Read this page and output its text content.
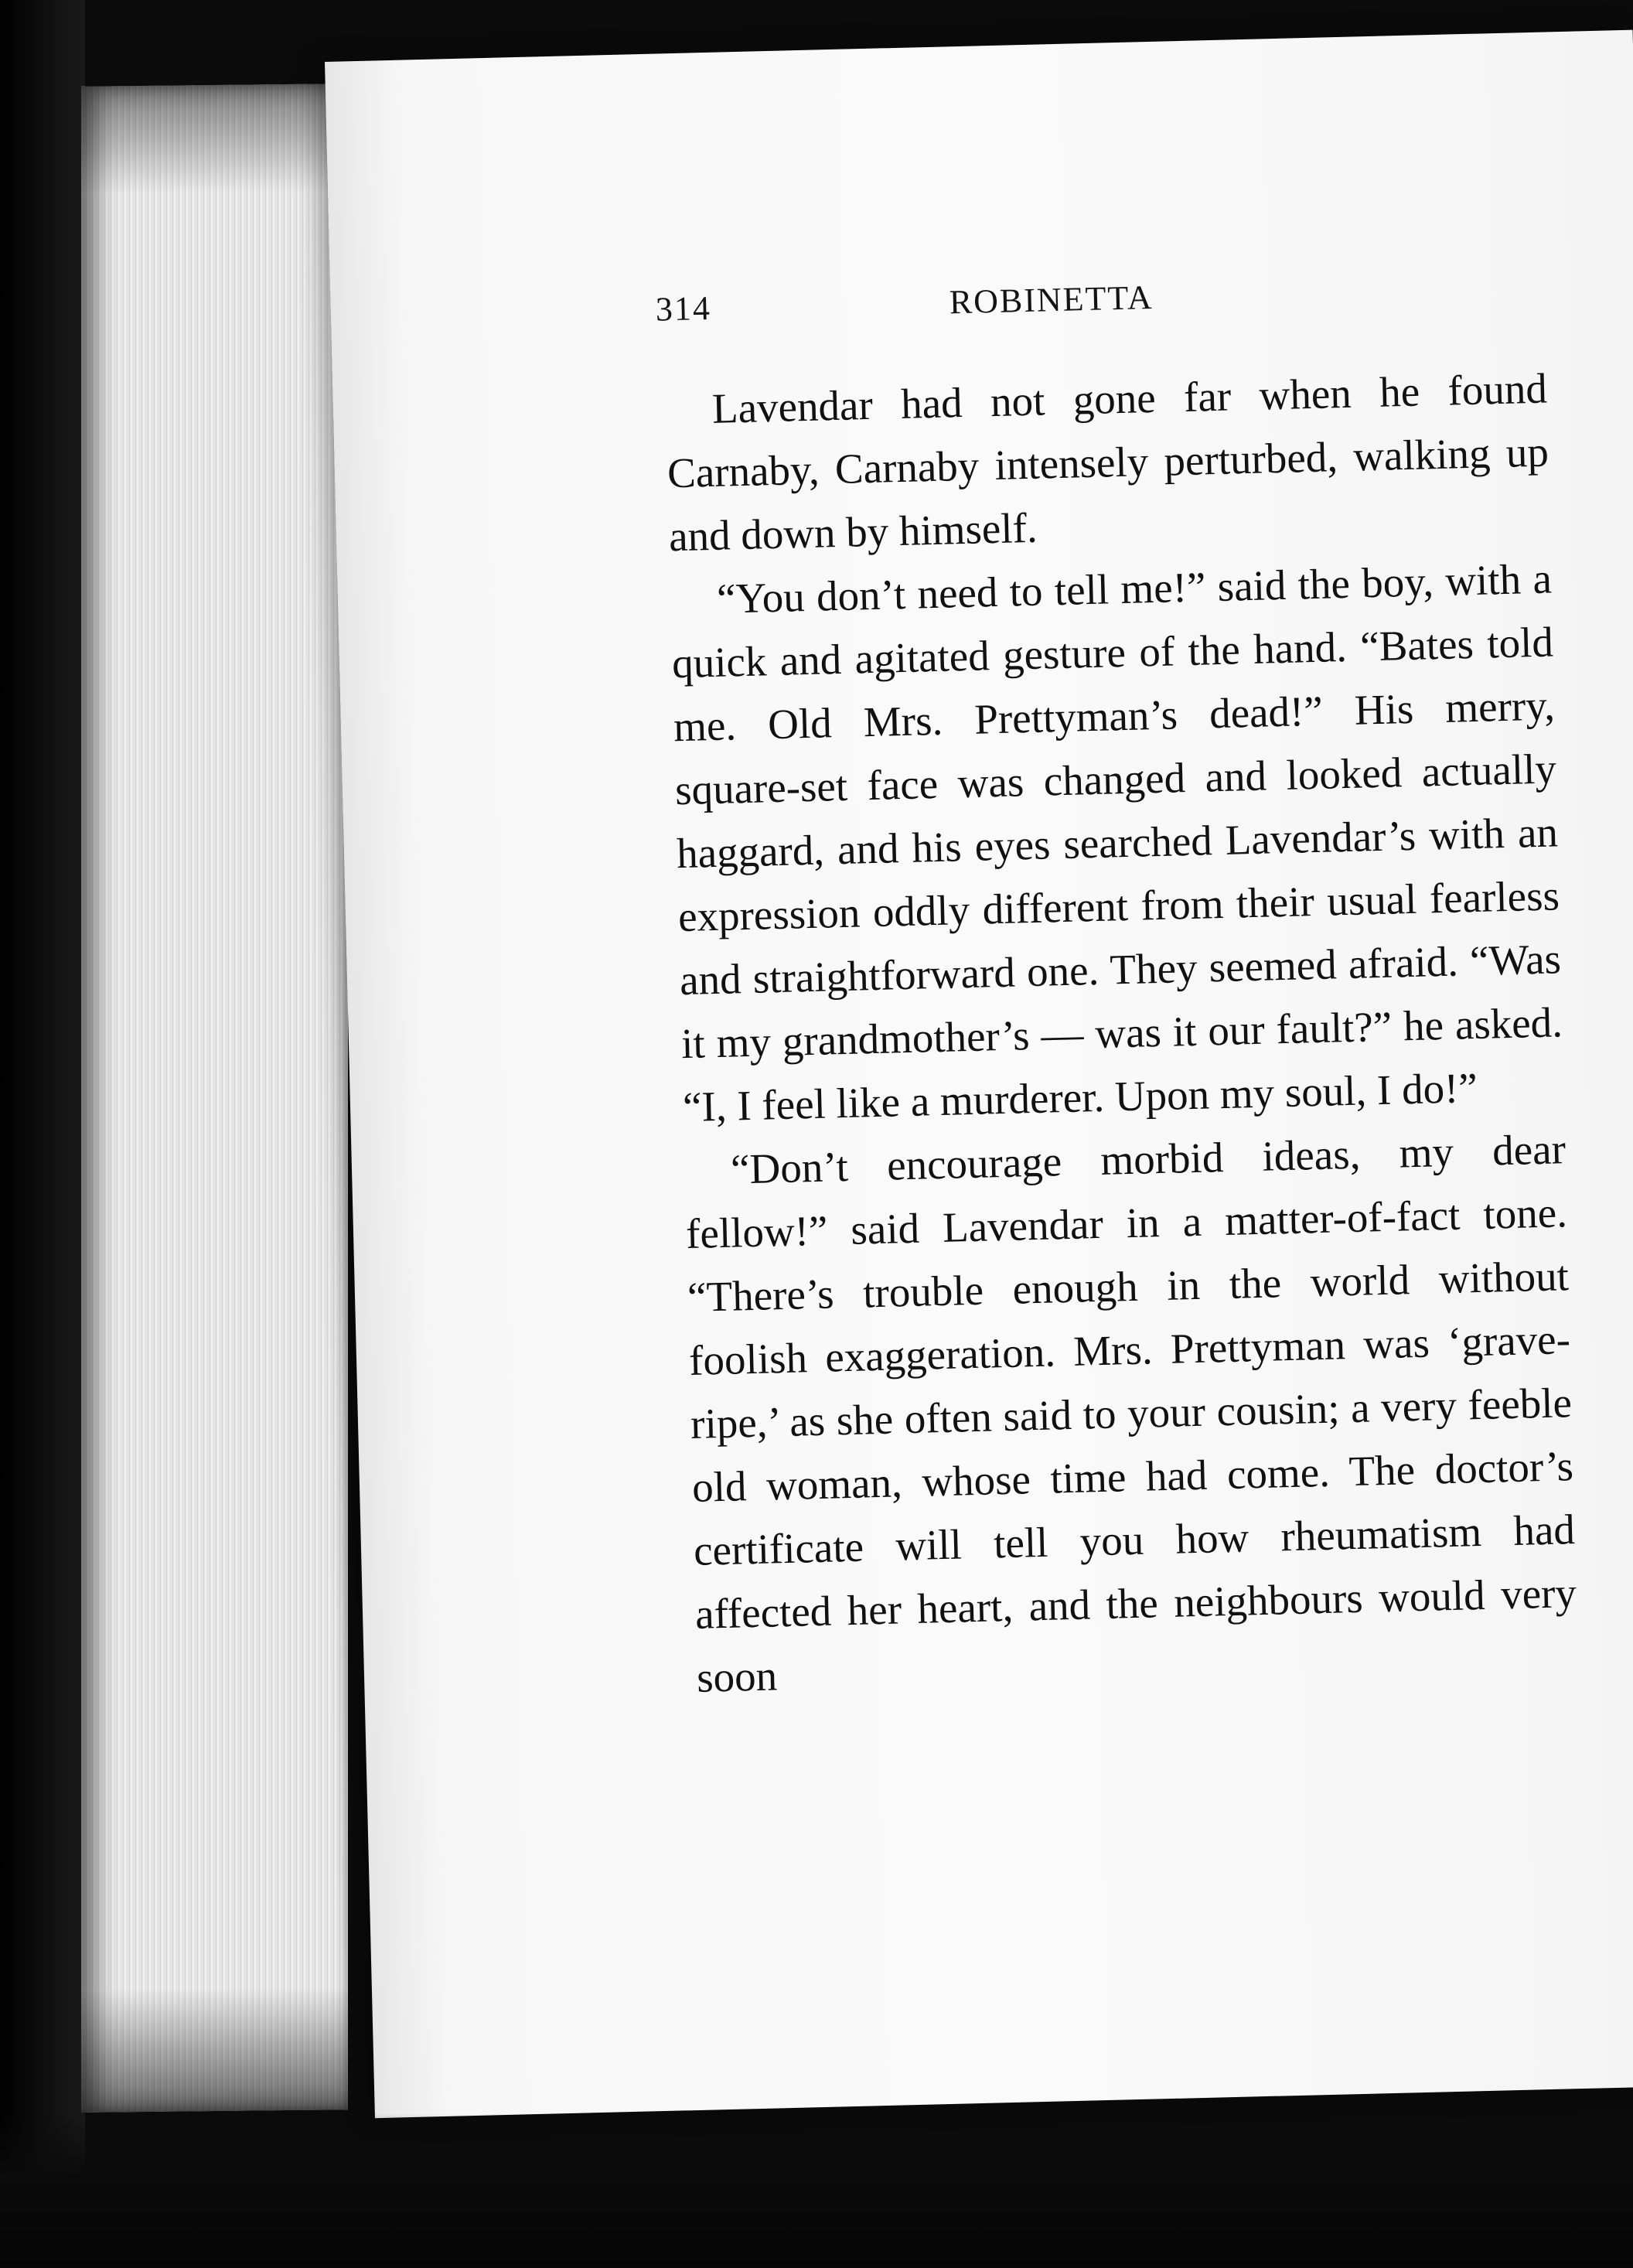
314	ROBINETTA

Lavendar had not gone far when he found Carnaby, Carnaby intensely perturbed, walking up and down by himself.

“You don’t need to tell me!” said the boy, with a quick and agitated gesture of the hand. “Bates told me. Old Mrs. Prettyman’s dead!” His merry, square-set face was changed and looked actually haggard, and his eyes searched Lavendar’s with an expression oddly different from their usual fearless and straightforward one. They seemed afraid. “Was it my grandmother’s — was it our fault?” he asked. “I, I feel like a murderer. Upon my soul, I do!”

“Don’t encourage morbid ideas, my dear fellow!” said Lavendar in a matter-of-fact tone. “There’s trouble enough in the world without foolish exaggeration. Mrs. Prettyman was ‘grave-ripe,’ as she often said to your cousin; a very feeble old woman, whose time had come. The doctor’s certificate will tell you how rheumatism had affected her heart, and the neighbours would very soon
